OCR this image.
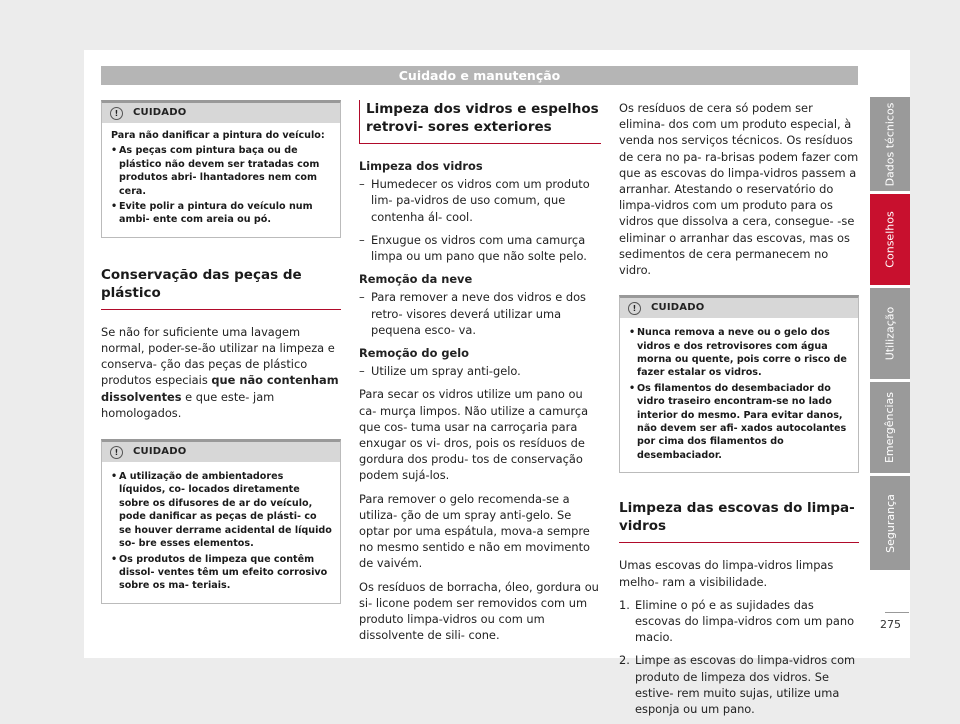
Cuidado e manutenção
!	CUIDADO
Para não danificar a pintura do veículo:
• As peças com pintura baça ou de plástico não devem ser tratadas com produtos abri- lhantadores nem com cera.
• Evite polir a pintura do veículo num ambi- ente com areia ou pó.
Conservação das peças de plástico

Se não for suficiente uma lavagem normal, poder-se-ão utilizar na limpeza e conserva- ção das peças de plástico produtos especiais que não contenham dissolventes e que este- jam homologados.

!	CUIDADO
• A utilização de ambientadores líquidos, co- locados diretamente sobre os difusores de ar do veículo, pode danificar as peças de plásti- co se houver derrame acidental de líquido so- bre esses elementos.
• Os produtos de limpeza que contêm dissol- ventes têm um efeito corrosivo sobre os ma- teriais.
Limpeza dos vidros e espelhos retrovi- sores exteriores

Limpeza dos vidros

– Humedecer os vidros com um produto lim- pa-vidros de uso comum, que contenha ál- cool.

– Enxugue os vidros com uma camurça limpa ou um pano que não solte pelo.

Remoção da neve

– Para remover a neve dos vidros e dos retro- visores deverá utilizar uma pequena esco- va.

Remoção do gelo

– Utilize um spray anti-gelo.

Para secar os vidros utilize um pano ou ca- murça limpos. Não utilize a camurça que cos- tuma usar na carroçaria para enxugar os vi- dros, pois os resíduos de gordura dos produ- tos de conservação podem sujá-los.

Para remover o gelo recomenda-se a utiliza- ção de um spray anti-gelo. Se optar por uma espátula, mova-a sempre no mesmo sentido e não em movimento de vaivém.

Os resíduos de borracha, óleo, gordura ou si- licone podem ser removidos com um produto limpa-vidros ou com um dissolvente de sili- cone.

Os resíduos de cera só podem ser elimina- dos com um produto especial, à venda nos serviços técnicos. Os resíduos de cera no pa- ra-brisas podem fazer com que as escovas do limpa-vidros passem a arranhar. Atestando o reservatório do limpa-vidros com um produto para os vidros que dissolva a cera, consegue- -se eliminar o arranhar das escovas, mas os sedimentos de cera permanecem no vidro.

!	CUIDADO
• Nunca remova a neve ou o gelo dos vidros e dos retrovisores com água morna ou quente, pois corre o risco de fazer estalar os vidros.
• Os filamentos do desembaciador do vidro traseiro encontram-se no lado interior do mesmo. Para evitar danos, não devem ser afi- xados autocolantes por cima dos filamentos do desembaciador.
Limpeza das escovas do limpa-vidros

Umas escovas do limpa-vidros limpas melho- ram a visibilidade.

1. Elimine o pó e as sujidades das escovas do limpa-vidros com um pano macio.

2. Limpe as escovas do limpa-vidros com produto de limpeza dos vidros. Se estive- rem muito sujas, utilize uma esponja ou um pano.

Dados técnicos
Conselhos
Utilização
Emergências
Segurança
275
